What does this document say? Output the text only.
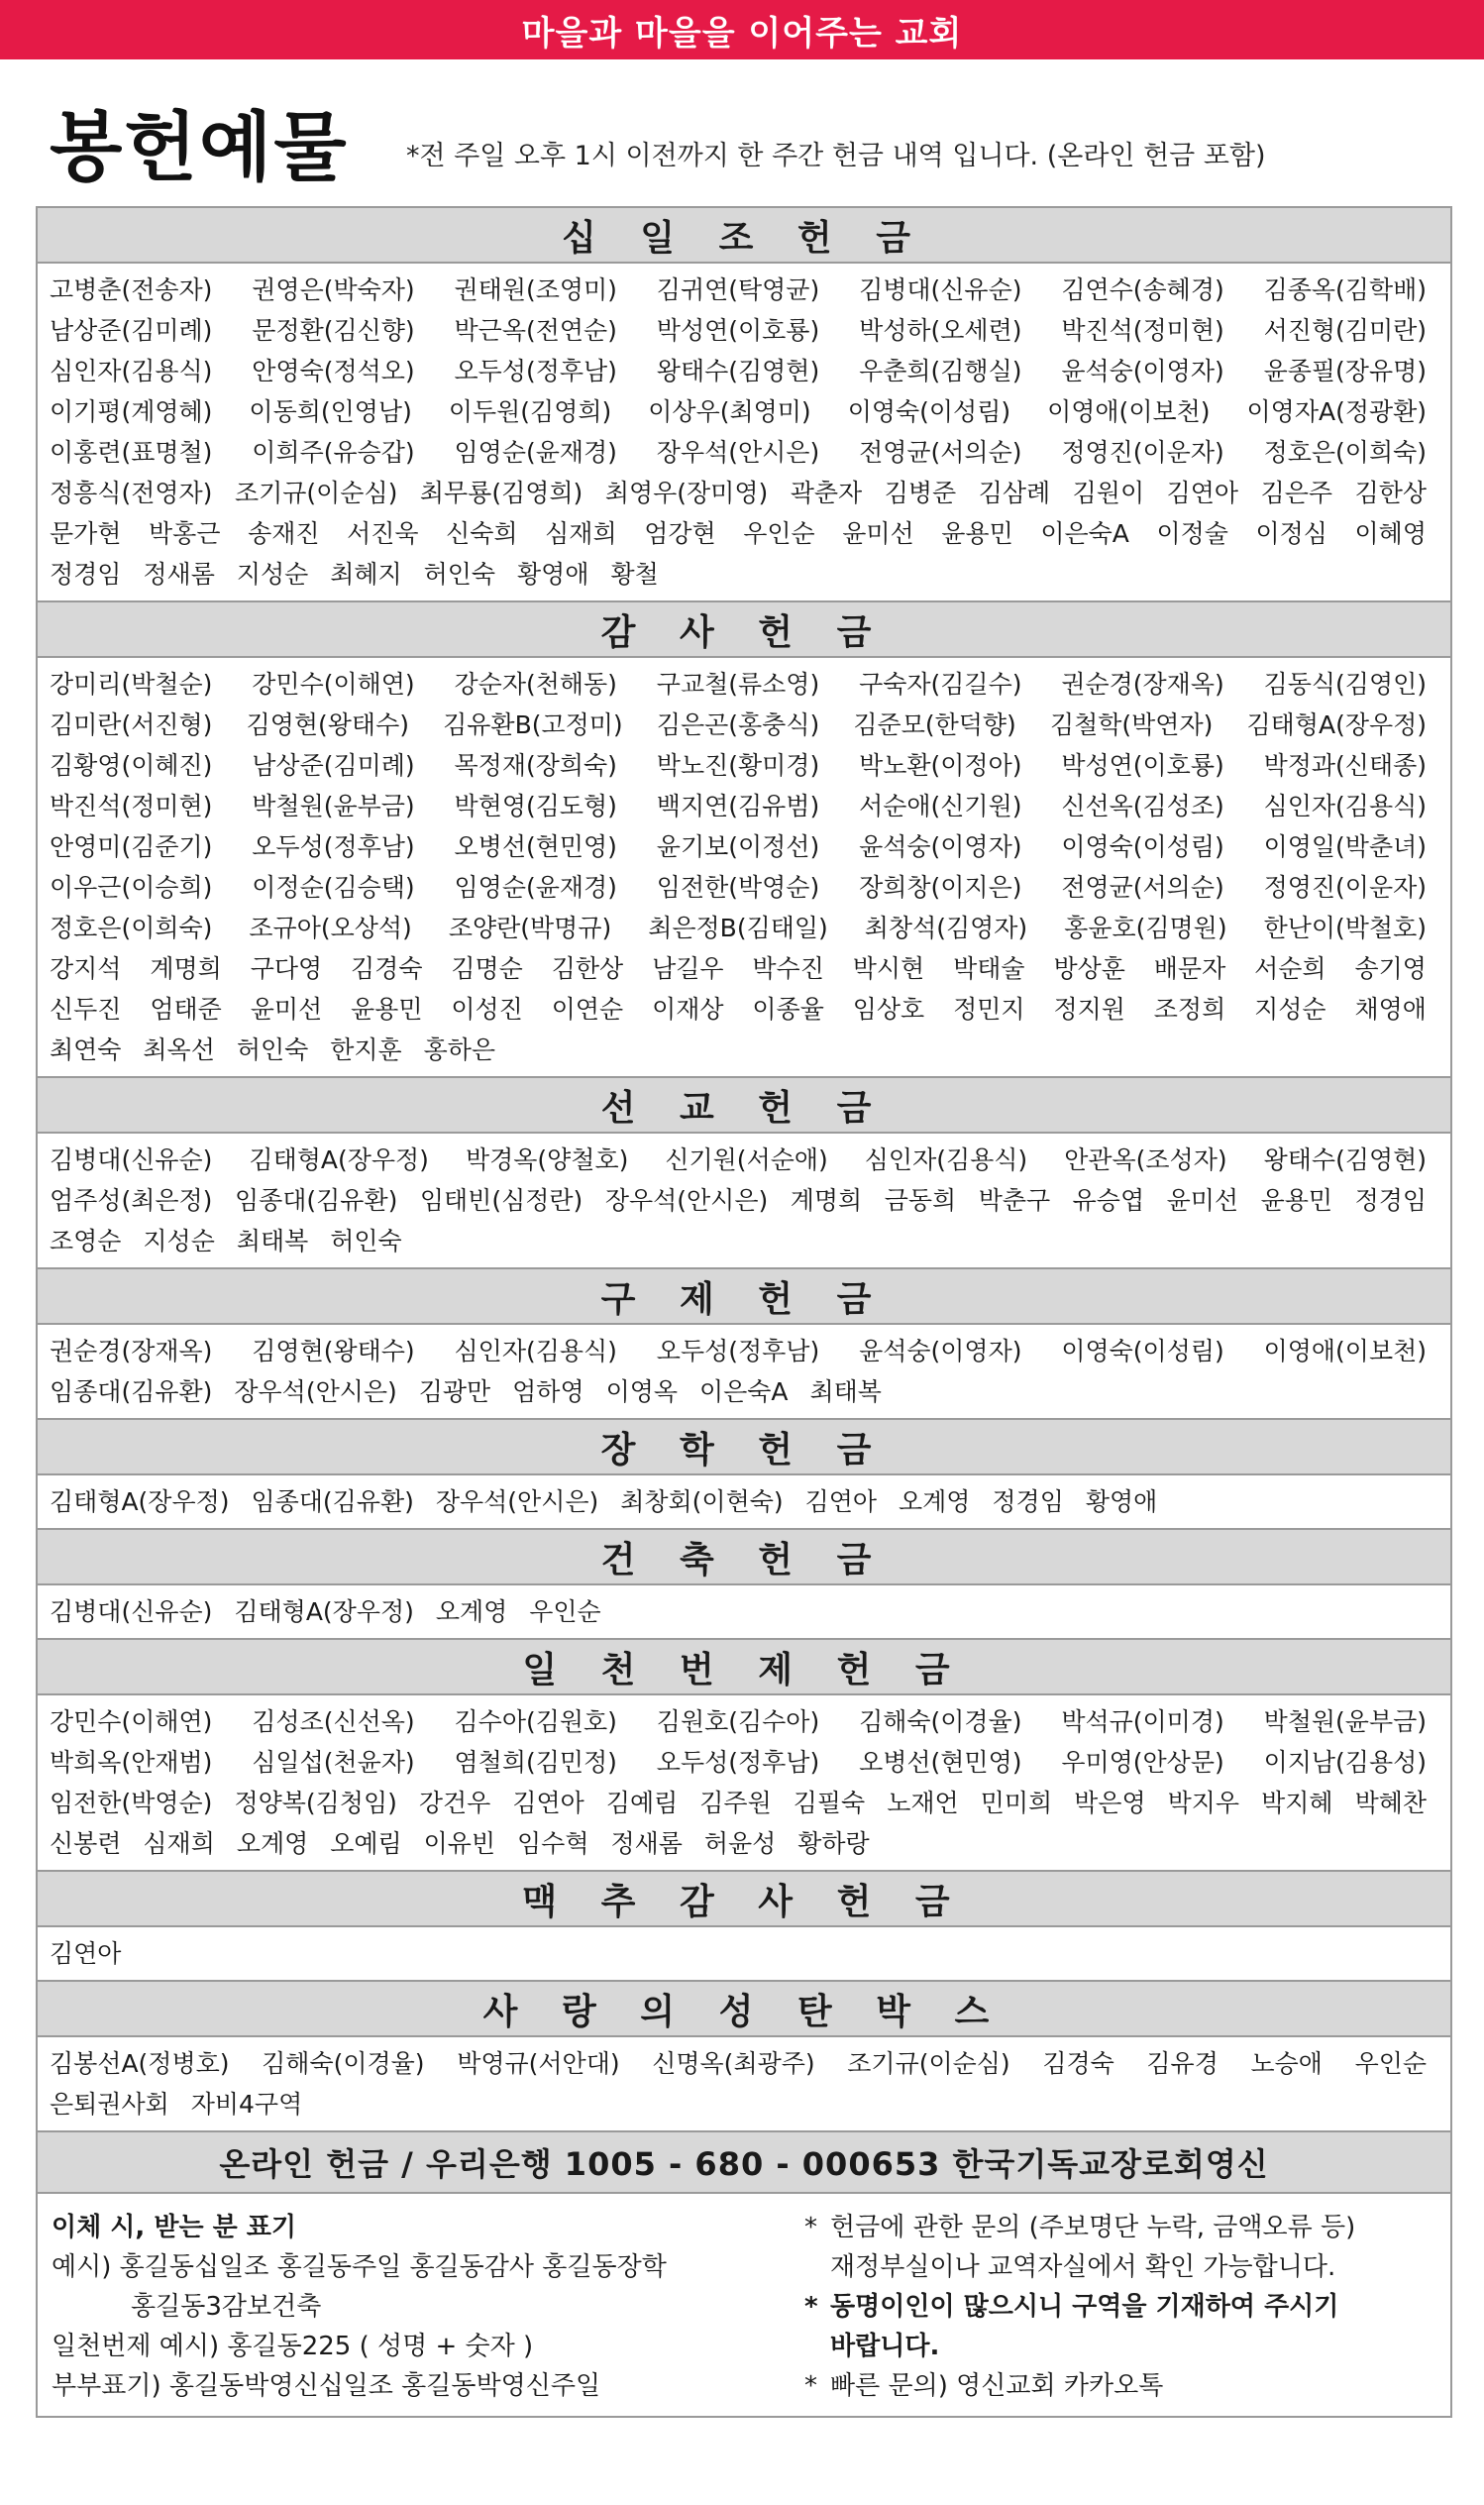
마을과 마을을 이어주는 교회
봉헌예물 *전 주일 오후 1시 이전까지 한 주간 헌금 내역 입니다. (온라인 헌금 포함)
십 일 조 헌 금
고병춘(전송자) 권영은(박숙자) 권태원(조영미) 김귀연(탁영균) 김병대(신유순) 김연수(송혜경) 김종옥(김학배) 남상준(김미례) 문정환(김신향) 박근옥(전연순) 박성연(이호룡) 박성하(오세련) 박진석(정미현) 서진형(김미란) 심인자(김용식) 안영숙(정석오) 오두성(정후남) 왕태수(김영현) 우춘희(김행실) 윤석숭(이영자) 윤종필(장유명) 이기평(계영혜) 이동희(인영남) 이두원(김영희) 이상우(최영미) 이영숙(이성림) 이영애(이보천) 이영자A(정광환) 이홍련(표명철) 이희주(유승갑) 임영순(윤재경) 장우석(안시은) 전영균(서의순) 정영진(이운자) 정호은(이희숙) 정흥식(전영자) 조기규(이순심) 최무룡(김영희) 최영우(장미영) 곽춘자 김병준 김삼례 김원이 김연아 김은주 김한상 문가현 박홍근 송재진 서진욱 신숙희 심재희 엄강현 우인순 윤미선 윤용민 이은숙A 이정술 이정심 이혜영 정경임 정새롬 지성순 최혜지 허인숙 황영애 황철
감 사 헌 금
강미리(박철순) 강민수(이해연) 강순자(천해동) 구교철(류소영) 구숙자(김길수) 권순경(장재옥) 김동식(김영인) 김미란(서진형) 김영현(왕태수) 김유환B(고정미) 김은곤(홍충식) 김준모(한덕향) 김철학(박연자) 김태형A(장우정) 김황영(이혜진) 남상준(김미례) 목정재(장희숙) 박노진(황미경) 박노환(이정아) 박성연(이호룡) 박정과(신태종) 박진석(정미현) 박철원(윤부금) 박현영(김도형) 백지연(김유범) 서순애(신기원) 신선옥(김성조) 심인자(김용식) 안영미(김준기) 오두성(정후남) 오병선(현민영) 윤기보(이정선) 윤석숭(이영자) 이영숙(이성림) 이영일(박춘녀) 이우근(이승희) 이정순(김승택) 임영순(윤재경) 임전한(박영순) 장희창(이지은) 전영균(서의순) 정영진(이운자) 정호은(이희숙) 조규아(오상석) 조양란(박명규) 최은정B(김태일) 최창석(김영자) 홍윤호(김명원) 한난이(박철호) 강지석 계명희 구다영 김경숙 김명순 김한상 남길우 박수진 박시현 박태술 방상훈 배문자 서순희 송기영 신두진 엄태준 윤미선 윤용민 이성진 이연순 이재상 이종율 임상호 정민지 정지원 조정희 지성순 채영애 최연숙 최옥선 허인숙 한지훈 홍하은
선 교 헌 금
김병대(신유순) 김태형A(장우정) 박경옥(양철호) 신기원(서순애) 심인자(김용식) 안관옥(조성자) 왕태수(김영현) 엄주성(최은정) 임종대(김유환) 임태빈(심정란) 장우석(안시은) 계명희 금동희 박춘구 유승엽 윤미선 윤용민 정경임 조영순 지성순 최태복 허인숙
구 제 헌 금
권순경(장재옥) 김영현(왕태수) 심인자(김용식) 오두성(정후남) 윤석숭(이영자) 이영숙(이성림) 이영애(이보천) 임종대(김유환) 장우석(안시은) 김광만 엄하영 이영옥 이은숙A 최태복
장 학 헌 금
김태형A(장우정) 임종대(김유환) 장우석(안시은) 최창회(이현숙) 김연아 오계영 정경임 황영애
건 축 헌 금
김병대(신유순) 김태형A(장우정) 오계영 우인순
일 천 번 제 헌 금
강민수(이해연) 김성조(신선옥) 김수아(김원호) 김원호(김수아) 김해숙(이경율) 박석규(이미경) 박철원(윤부금) 박희옥(안재범) 심일섭(천윤자) 염철희(김민정) 오두성(정후남) 오병선(현민영) 우미영(안상문) 이지남(김용성) 임전한(박영순) 정양복(김청임) 강건우 김연아 김예림 김주원 김필숙 노재언 민미희 박은영 박지우 박지혜 박혜찬 신봉련 심재희 오계영 오예림 이유빈 임수혁 정새롬 허윤성 황하랑
맥 추 감 사 헌 금
김연아
사 랑 의 성 탄 박 스
김봉선A(정병호) 김해숙(이경율) 박영규(서안대) 신명옥(최광주) 조기규(이순심) 김경숙 김유경 노승애 우인순 은퇴권사회 자비4구역
온라인 헌금 / 우리은행 1005 - 680 - 000653 한국기독교장로회영신
이체 시, 받는 분 표기
예시) 홍길동십일조 홍길동주일 홍길동감사 홍길동장학
홍길동3감보건축
일천번제 예시) 홍길동225 ( 성명 + 숫자 )
부부표기) 홍길동박영신십일조 홍길동박영신주일
* 헌금에 관한 문의 (주보명단 누락, 금액오류 등)
재정부실이나 교역자실에서 확인 가능합니다.
* 동명이인이 많으시니 구역을 기재하여 주시기
바랍니다.
* 빠른 문의) 영신교회 카카오톡
